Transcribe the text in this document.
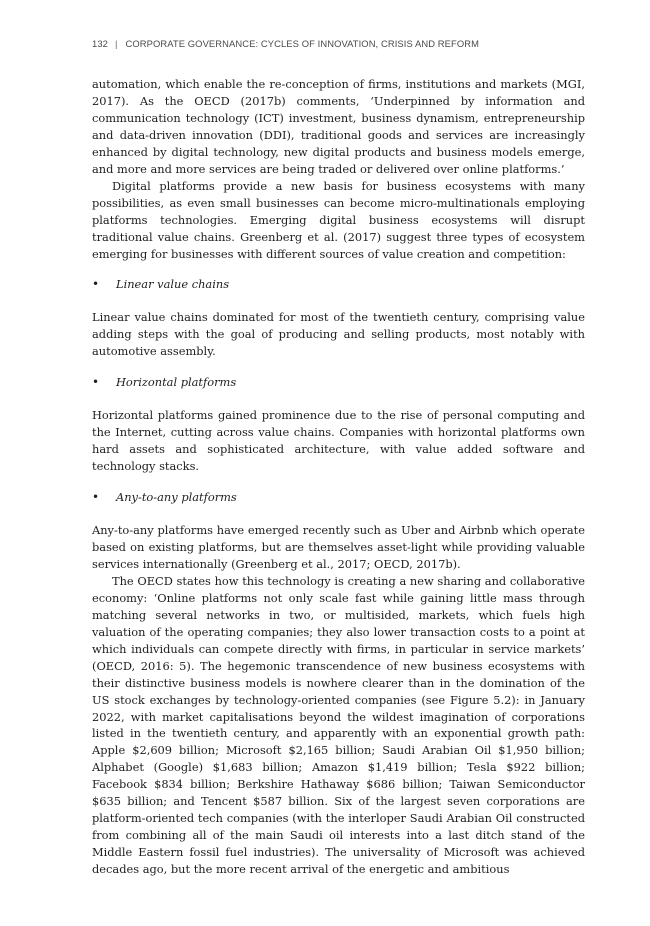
132 | CORPORATE GOVERNANCE: CYCLES OF INNOVATION, CRISIS AND REFORM

automation, which enable the re-conception of firms, institutions and markets (MGI, 2017). As the OECD (2017b) comments, ‘Underpinned by information and communication technology (ICT) investment, business dynamism, entrepreneurship and data-driven innovation (DDI), traditional goods and services are increasingly enhanced by digital technology, new digital products and business models emerge, and more and more services are being traded or delivered over online platforms.’

Digital platforms provide a new basis for business ecosystems with many possibilities, as even small businesses can become micro-multinationals employing platforms technologies. Emerging digital business ecosystems will disrupt traditional value chains. Greenberg et al. (2017) suggest three types of ecosystem emerging for businesses with different sources of value creation and competition:

•	Linear value chains

Linear value chains dominated for most of the twentieth century, comprising value adding steps with the goal of producing and selling products, most notably with automotive assembly.

•	Horizontal platforms

Horizontal platforms gained prominence due to the rise of personal computing and the Internet, cutting across value chains. Companies with horizontal platforms own hard assets and sophisticated architecture, with value added software and technology stacks.

•	Any-to-any platforms

Any-to-any platforms have emerged recently such as Uber and Airbnb which operate based on existing platforms, but are themselves asset-light while providing valuable services internationally (Greenberg et al., 2017; OECD, 2017b).

The OECD states how this technology is creating a new sharing and collaborative economy: ‘Online platforms not only scale fast while gaining little mass through matching several networks in two, or multisided, markets, which fuels high valuation of the operating companies; they also lower transaction costs to a point at which individuals can compete directly with firms, in particular in service markets’ (OECD, 2016: 5). The hegemonic transcendence of new business ecosystems with their distinctive business models is nowhere clearer than in the domination of the US stock exchanges by technology-oriented companies (see Figure 5.2): in January 2022, with market capitalisations beyond the wildest imagination of corporations listed in the twentieth century, and apparently with an exponential growth path: Apple $2,609 billion; Microsoft $2,165 billion; Saudi Arabian Oil $1,950 billion; Alphabet (Google) $1,683 billion; Amazon $1,419 billion; Tesla $922 billion; Facebook $834 billion; Berkshire Hathaway $686 billion; Taiwan Semiconductor $635 billion; and Tencent $587 billion. Six of the largest seven corporations are platform-oriented tech companies (with the interloper Saudi Arabian Oil constructed from combining all of the main Saudi oil interests into a last ditch stand of the Middle Eastern fossil fuel industries). The universality of Microsoft was achieved decades ago, but the more recent arrival of the energetic and ambitious
